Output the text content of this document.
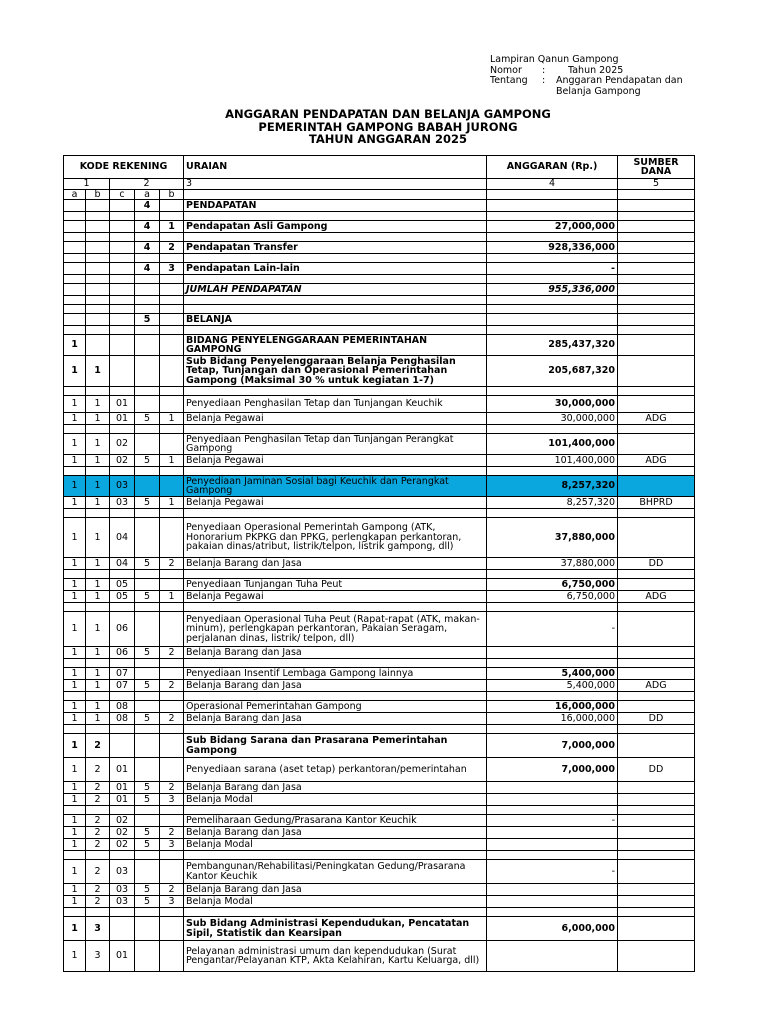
Lampiran Qanun Gampong
Nomor	:	Tahun 2025
Tentang	:	Anggaran Pendapatan dan
Belanja Gampong
ANGGARAN PENDAPATAN DAN BELANJA GAMPONG
PEMERINTAH GAMPONG BABAH JURONG
TAHUN ANGGARAN 2025
KODE REKENING					URAIAN	ANGGARAN (Rp.)	SUMBER DANA
1		2			3	4	5
a	b	c	a	b			
			4		PENDAPATAN		

			4	1	Pendapatan Asli Gampong	27,000,000	

			4	2	Pendapatan Transfer	928,336,000	

			4	3	Pendapatan Lain-lain	-	

					JUMLAH PENDAPATAN	955,336,000	

			5		BELANJA		

1					BIDANG PENYELENGGARAAN PEMERINTAHAN GAMPONG	285,437,320	
1	1				Sub Bidang Penyelenggaraan Belanja Penghasilan Tetap, Tunjangan dan Operasional Pemerintahan Gampong (Maksimal 30 % untuk kegiatan 1-7)	205,687,320	

1	1	01			Penyediaan Penghasilan Tetap dan Tunjangan Keuchik	30,000,000	
1	1	01	5	1	Belanja Pegawai	30,000,000	ADG

1	1	02			Penyediaan Penghasilan Tetap dan Tunjangan Perangkat Gampong	101,400,000	
1	1	02	5	1	Belanja Pegawai	101,400,000	ADG

1	1	03			Penyediaan Jaminan Sosial bagi Keuchik dan Perangkat Gampong	8,257,320	
1	1	03	5	1	Belanja Pegawai	8,257,320	BHPRD

1	1	04			Penyediaan Operasional Pemerintah Gampong (ATK, Honorarium PKPKG dan PPKG, perlengkapan perkantoran, pakaian dinas/atribut, listrik/telpon, listrik gampong, dll)	37,880,000	
1	1	04	5	2	Belanja Barang dan Jasa	37,880,000	DD

1	1	05			Penyediaan Tunjangan Tuha Peut	6,750,000	
1	1	05	5	1	Belanja Pegawai	6,750,000	ADG

1	1	06			Penyediaan Operasional Tuha Peut (Rapat-rapat (ATK, makan-minum), perlengkapan perkantoran, Pakaian Seragam, perjalanan dinas, listrik/ telpon, dll)	-	
1	1	06	5	2	Belanja Barang dan Jasa		

1	1	07			Penyediaan Insentif Lembaga Gampong lainnya	5,400,000	
1	1	07	5	2	Belanja Barang dan Jasa	5,400,000	ADG

1	1	08			Operasional Pemerintahan Gampong	16,000,000	
1	1	08	5	2	Belanja Barang dan Jasa	16,000,000	DD

1	2				Sub Bidang Sarana dan Prasarana Pemerintahan Gampong	7,000,000	
1	2	01			Penyediaan sarana (aset tetap) perkantoran/pemerintahan	7,000,000	DD
1	2	01	5	2	Belanja Barang dan Jasa		
1	2	01	5	3	Belanja Modal		

1	2	02			Pemeliharaan Gedung/Prasarana Kantor Keuchik	-	
1	2	02	5	2	Belanja Barang dan Jasa		
1	2	02	5	3	Belanja Modal		

1	2	03			Pembangunan/Rehabilitasi/Peningkatan Gedung/Prasarana Kantor Keuchik	-	
1	2	03	5	2	Belanja Barang dan Jasa		
1	2	03	5	3	Belanja Modal		

1	3				Sub Bidang Administrasi Kependudukan, Pencatatan Sipil, Statistik dan Kearsipan	6,000,000	
1	3	01			Pelayanan administrasi umum dan kependudukan (Surat Pengantar/Pelayanan KTP, Akta Kelahiran, Kartu Keluarga, dll)		
